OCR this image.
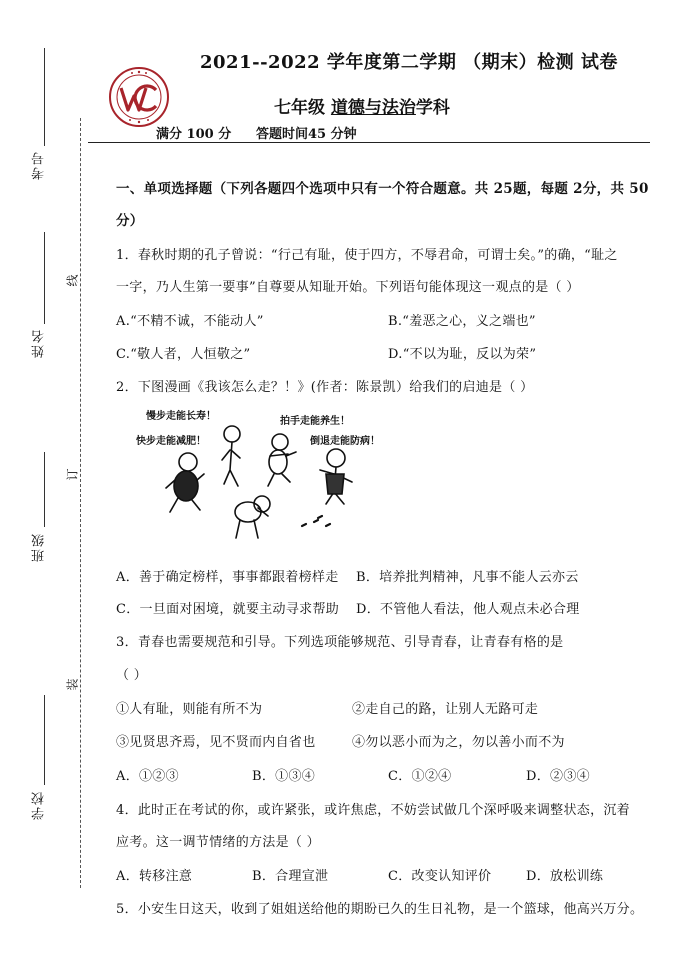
考号
姓名
班级
学校
线
订
装
2021--2022 学年度第二学期 （期末）检测 试卷
七年级 道德与法治学科
满分 100 分 答题时间45 分钟
一、单项选择题（下列各题四个选项中只有一个符合题意。共 25题，每题 2分，共 50
分）
1．春秋时期的孔子曾说：“行己有耻，使于四方，不辱君命，可谓士矣。”的确，“耻之
一字，乃人生第一要事”自尊要从知耻开始。下列语句能体现这一观点的是（ ）
A.“不精不诚，不能动人”	B.“羞恶之心，义之端也”
C.“敬人者，人恒敬之”	D.“不以为耻，反以为荣”
2．下图漫画《我该怎么走？！》(作者：陈景凯）给我们的启迪是（ ）
慢步走能长寿！
快步走能减肥！
拍手走能养生！
倒退走能防病！
A．善于确定榜样，事事都跟着榜样走 B．培养批判精神，凡事不能人云亦云
C．一旦面对困境，就要主动寻求帮助 D．不管他人看法，他人观点未必合理
3．青春也需要规范和引导。下列选项能够规范、引导青春，让青春有格的是
（ ）
①人有耻，则能有所不为	②走自己的路，让别人无路可走
③见贤思齐焉，见不贤而内自省也	④勿以恶小而为之，勿以善小而不为
A．①②③	B．①③④	C．①②④	D．②③④
4．此时正在考试的你，或许紧张，或许焦虑，不妨尝试做几个深呼吸来调整状态，沉着
应考。这一调节情绪的方法是（ ）
A．转移注意	B．合理宣泄	C．改变认知评价	D．放松训练
5．小安生日这天，收到了姐姐送给他的期盼已久的生日礼物，是一个篮球，他高兴万分。
